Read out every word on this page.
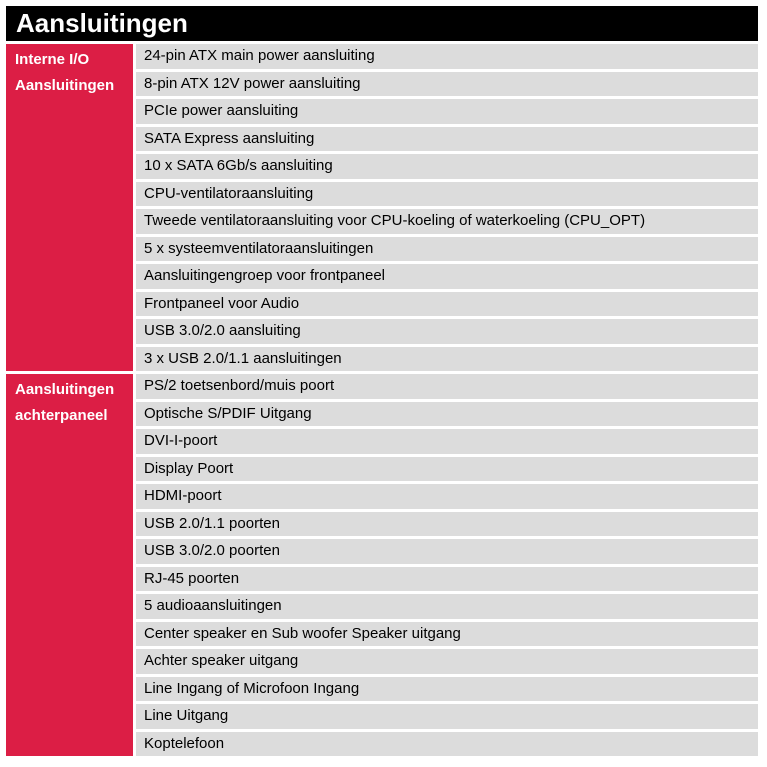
Aansluitingen
Interne I/O
Aansluitingen
24-pin ATX main power aansluiting
8-pin ATX 12V power aansluiting
PCIe power aansluiting
SATA Express aansluiting
10 x SATA 6Gb/s aansluiting
CPU-ventilatoraansluiting
Tweede ventilatoraansluiting voor CPU-koeling of waterkoeling (CPU_OPT)
5 x systeemventilatoraansluitingen
Aansluitingengroep voor frontpaneel
Frontpaneel voor Audio
USB 3.0/2.0 aansluiting
3 x USB 2.0/1.1 aansluitingen
Aansluitingen
achterpaneel
PS/2 toetsenbord/muis poort
Optische S/PDIF Uitgang
DVI-I-poort
Display Poort
HDMI-poort
USB 2.0/1.1 poorten
USB 3.0/2.0 poorten
RJ-45 poorten
5 audioaansluitingen
Center speaker en Sub woofer Speaker uitgang
Achter speaker uitgang
Line Ingang of Microfoon Ingang
Line Uitgang
Koptelefoon
